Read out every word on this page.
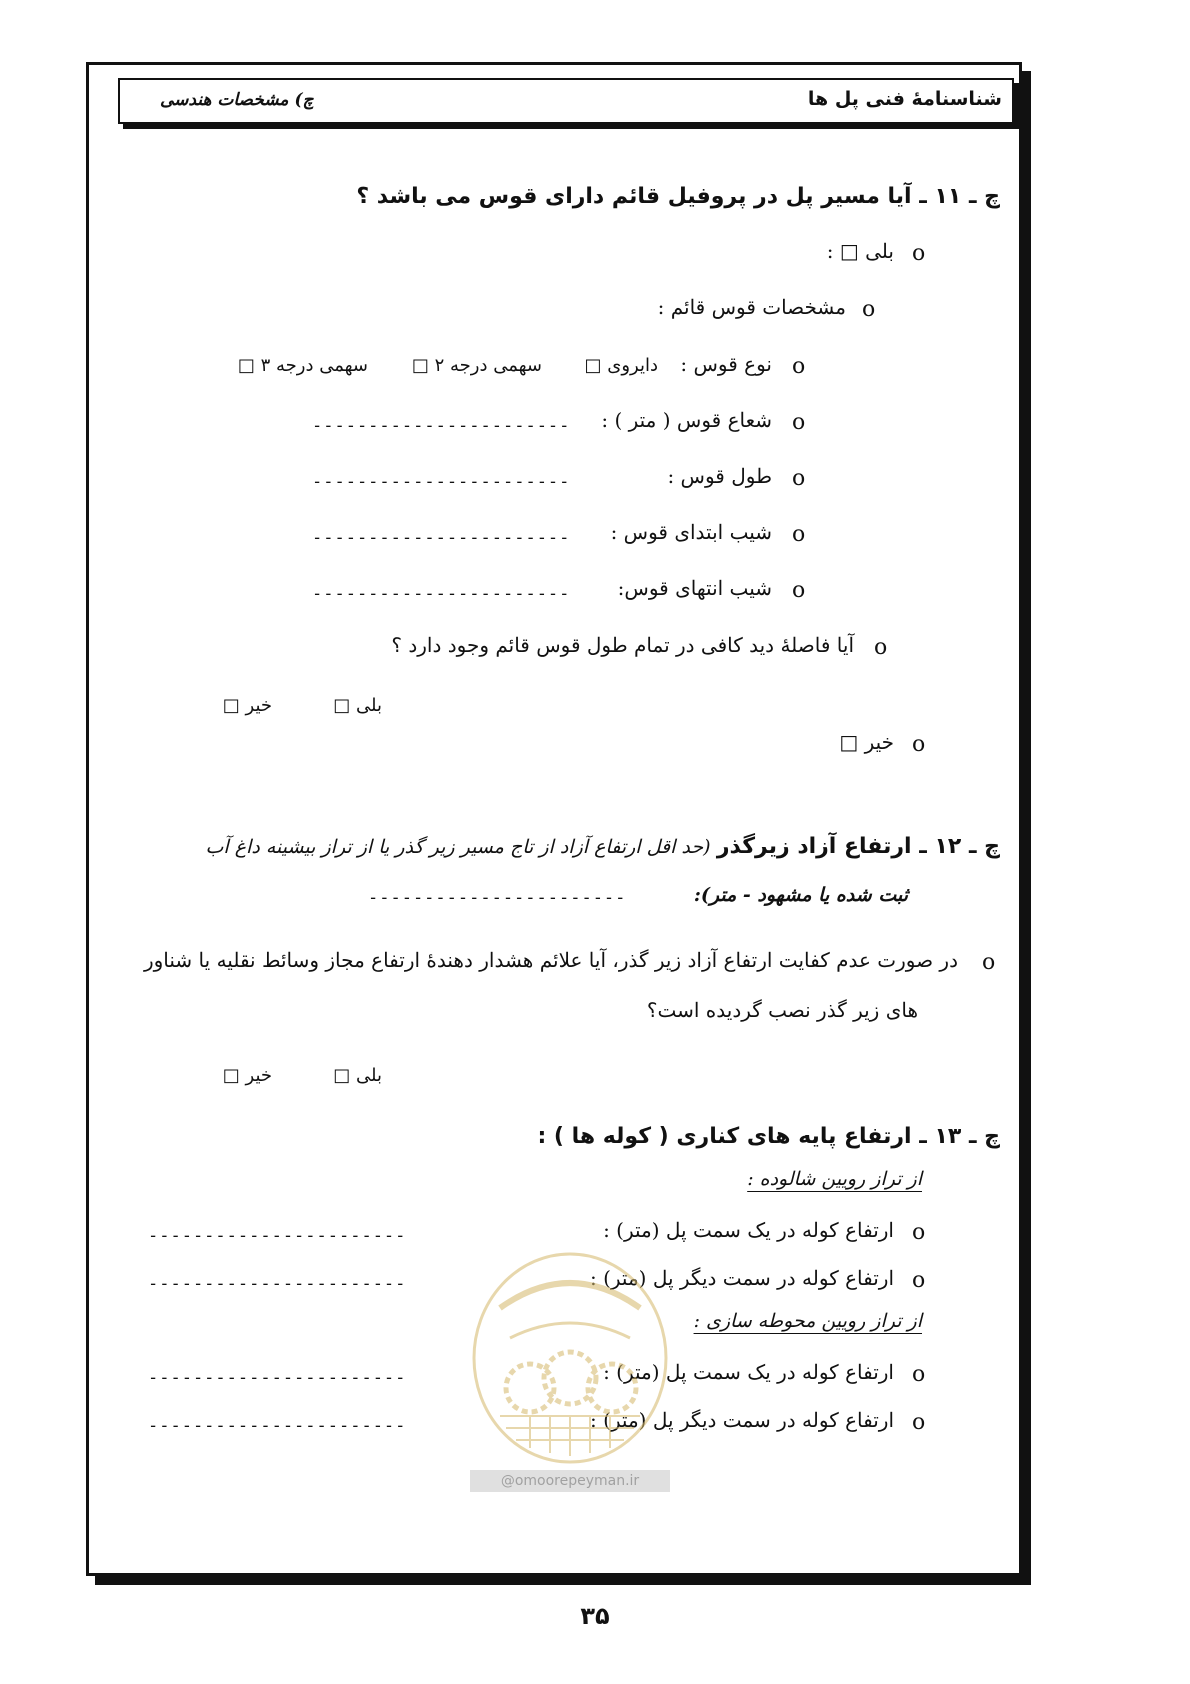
شناسنامهٔ فنی پل ها
چ) مشخصات هندسی
چ ـ ۱۱ ـ آیا مسیر پل در پروفیل قائم دارای قوس می باشد ؟
o
بلی □ :
o
مشخصات قوس قائم :
o
نوع قوس :
دایروی □
سهمی درجه ۲ □
سهمی درجه ۳ □
o
شعاع قوس ( متر ) :
-----------------------
o
طول قوس :
-----------------------
o
شیب ابتدای قوس :
-----------------------
o
شیب انتهای قوس:
-----------------------
o
آیا فاصلهٔ دید کافی در تمام طول قوس قائم وجود دارد ؟
بلی □
خیر □
o
خیر □
چ ـ ۱۲ ـ ارتفاع آزاد زیرگذر (حد اقل ارتفاع آزاد از تاج مسیر زیر گذر یا از تراز بیشینه داغ آب
ثبت شده یا مشهود - متر):
-----------------------
o
در صورت عدم کفایت ارتفاع آزاد زیر گذر، آیا علائم هشدار دهندهٔ ارتفاع مجاز وسائط نقلیه یا شناور
های زیر گذر نصب گردیده است؟
بلی □
خیر □
چ ـ ۱۳ ـ ارتفاع پایه های کناری ( کوله ها ) :
از تراز رویین شالوده :
o
ارتفاع کوله در یک سمت پل (متر) :
-----------------------
o
ارتفاع کوله در سمت دیگر پل (متر) :
-----------------------
از تراز رویین محوطه سازی :
o
ارتفاع کوله در یک سمت پل (متر) :
-----------------------
o
ارتفاع کوله در سمت دیگر پل (متر) :
-----------------------
@omoorepeyman.ir
۳۵
